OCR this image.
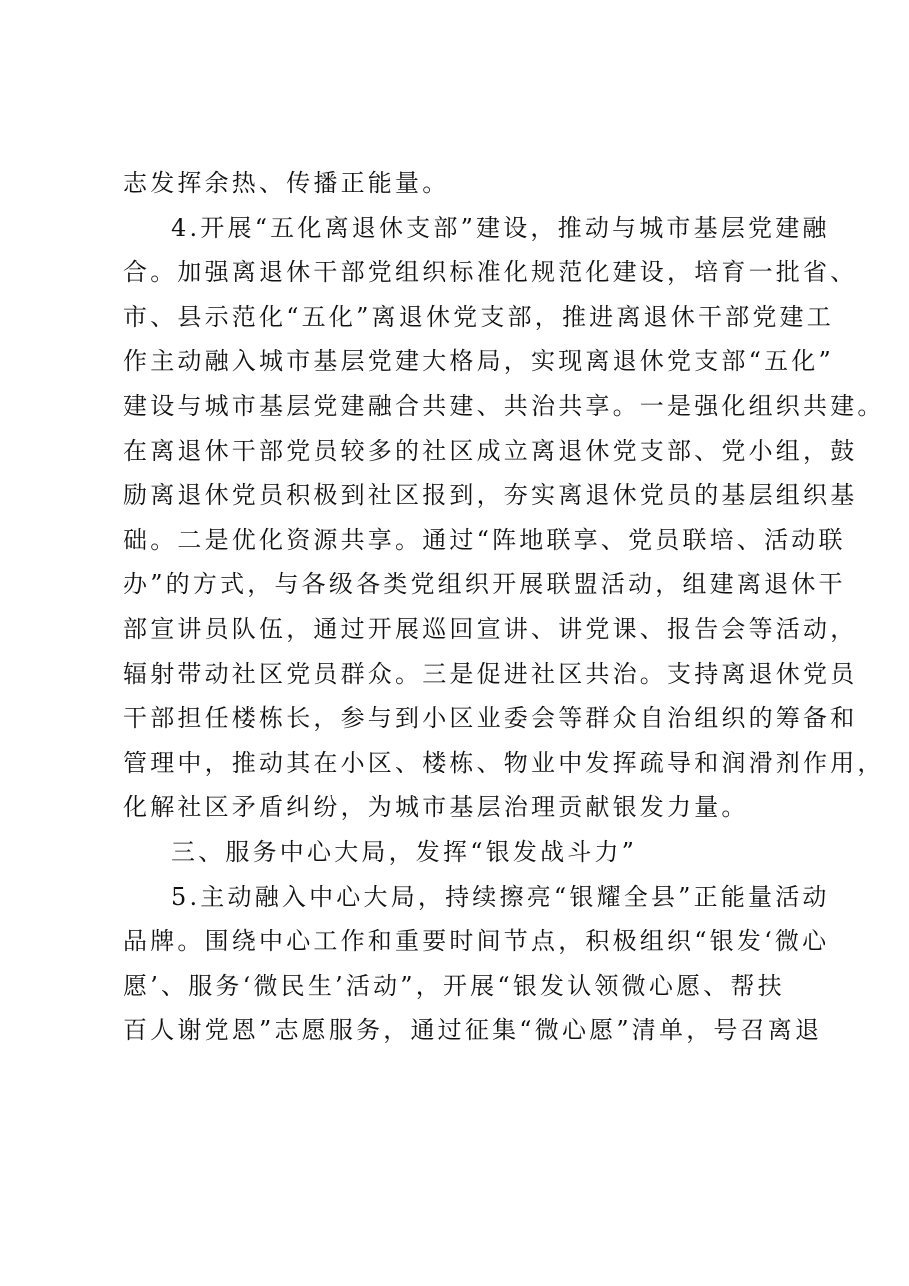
志发挥余热、传播正能量。
4.开展“五化离退休支部”建设，推动与城市基层党建融
合。加强离退休干部党组织标准化规范化建设，培育一批省、
市、县示范化“五化”离退休党支部，推进离退休干部党建工
作主动融入城市基层党建大格局，实现离退休党支部“五化”
建设与城市基层党建融合共建、共治共享。一是强化组织共建。
在离退休干部党员较多的社区成立离退休党支部、党小组，鼓
励离退休党员积极到社区报到，夯实离退休党员的基层组织基
础。二是优化资源共享。通过“阵地联享、党员联培、活动联
办”的方式，与各级各类党组织开展联盟活动，组建离退休干
部宣讲员队伍，通过开展巡回宣讲、讲党课、报告会等活动，
辐射带动社区党员群众。三是促进社区共治。支持离退休党员
干部担任楼栋长，参与到小区业委会等群众自治组织的筹备和
管理中，推动其在小区、楼栋、物业中发挥疏导和润滑剂作用，
化解社区矛盾纠纷，为城市基层治理贡献银发力量。
三、服务中心大局，发挥“银发战斗力”
5.主动融入中心大局，持续擦亮“银耀全县”正能量活动
品牌。围绕中心工作和重要时间节点，积极组织“银发‘微心
愿’、服务‘微民生’活动”，开展“银发认领微心愿、帮扶
百人谢党恩”志愿服务，通过征集“微心愿”清单，号召离退
